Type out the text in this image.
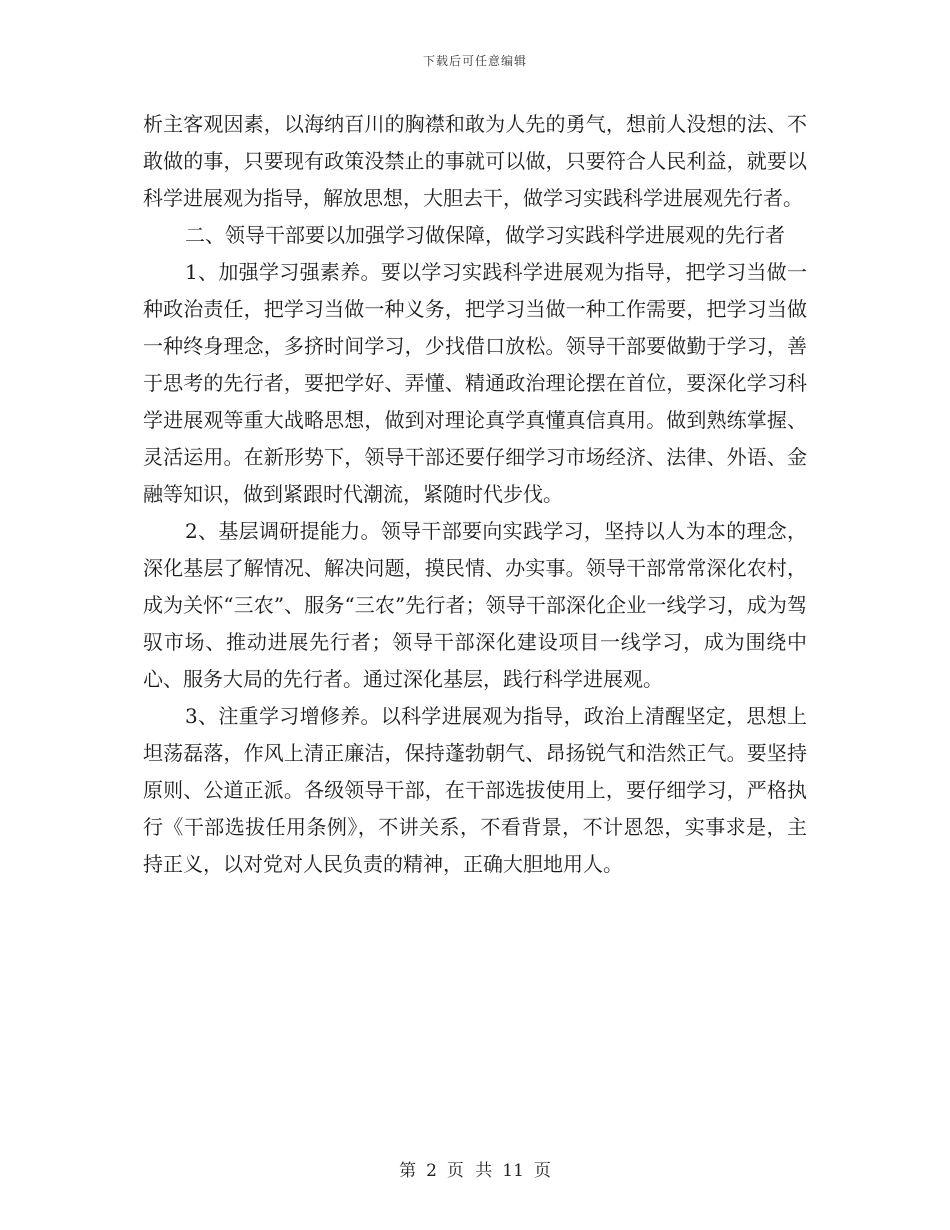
下载后可任意编辑

析主客观因素，以海纳百川的胸襟和敢为人先的勇气，想前人没想的法、不敢做的事，只要现有政策没禁止的事就可以做，只要符合人民利益，就要以科学进展观为指导，解放思想，大胆去干，做学习实践科学进展观先行者。

二、领导干部要以加强学习做保障，做学习实践科学进展观的先行者

1、加强学习强素养。要以学习实践科学进展观为指导，把学习当做一种政治责任，把学习当做一种义务，把学习当做一种工作需要，把学习当做一种终身理念，多挤时间学习，少找借口放松。领导干部要做勤于学习，善于思考的先行者，要把学好、弄懂、精通政治理论摆在首位，要深化学习科学进展观等重大战略思想，做到对理论真学真懂真信真用。做到熟练掌握、灵活运用。在新形势下，领导干部还要仔细学习市场经济、法律、外语、金融等知识，做到紧跟时代潮流，紧随时代步伐。

2、基层调研提能力。领导干部要向实践学习，坚持以人为本的理念，深化基层了解情况、解决问题，摸民情、办实事。领导干部常常深化农村，成为关怀“三农”、服务“三农”先行者；领导干部深化企业一线学习，成为驾驭市场、推动进展先行者；领导干部深化建设项目一线学习，成为围绕中心、服务大局的先行者。通过深化基层，践行科学进展观。

3、注重学习增修养。以科学进展观为指导，政治上清醒坚定，思想上坦荡磊落，作风上清正廉洁，保持蓬勃朝气、昂扬锐气和浩然正气。要坚持原则、公道正派。各级领导干部，在干部选拔使用上，要仔细学习，严格执行《干部选拔任用条例》，不讲关系，不看背景，不计恩怨，实事求是，主持正义，以对党对人民负责的精神，正确大胆地用人。

第 2 页 共 11 页
